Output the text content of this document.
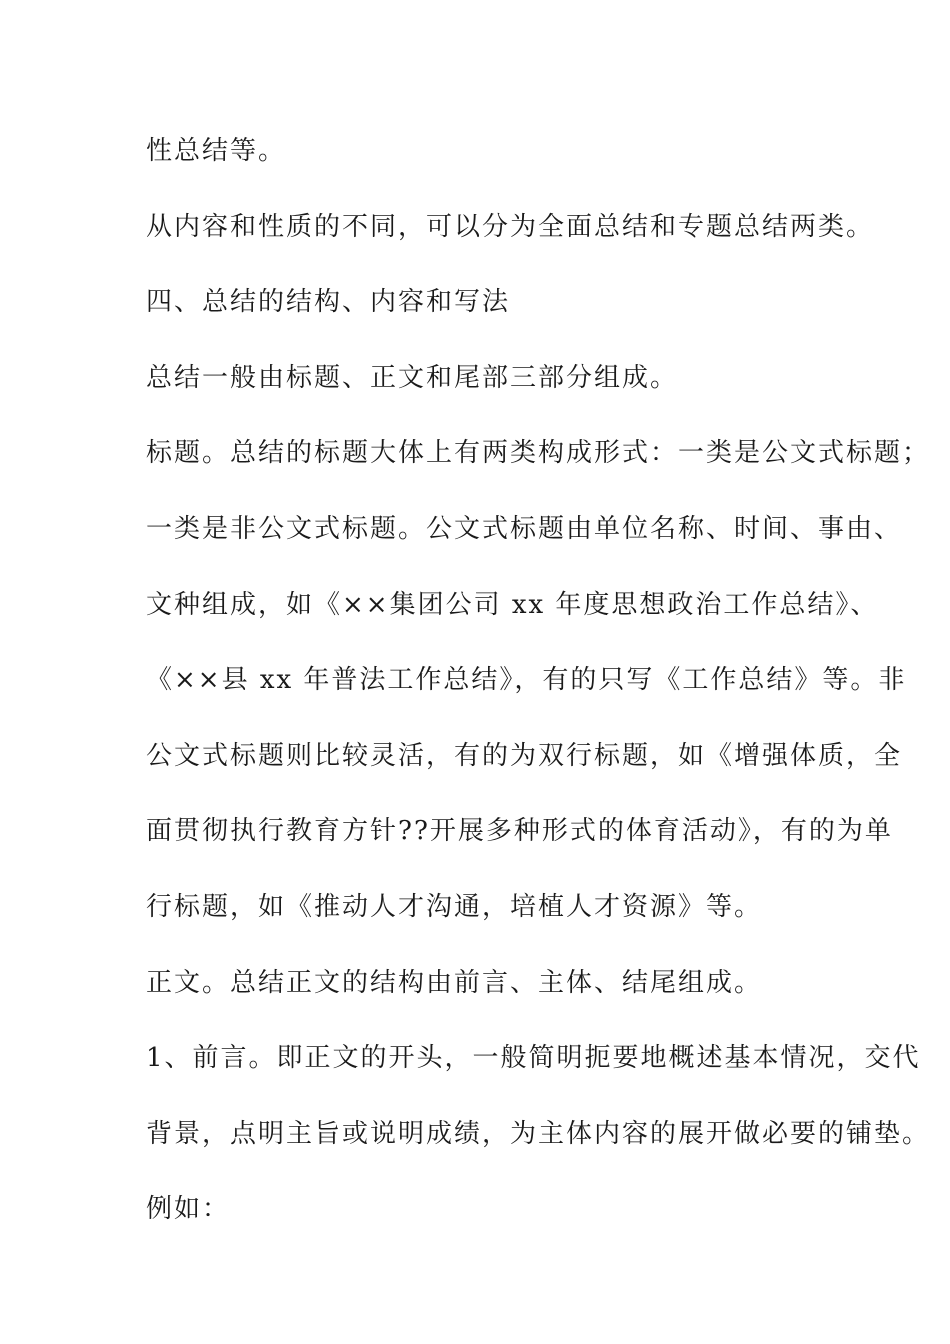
性总结等。
从内容和性质的不同，可以分为全面总结和专题总结两类。
四、总结的结构、内容和写法
总结一般由标题、正文和尾部三部分组成。
标题。总结的标题大体上有两类构成形式：一类是公文式标题；
一类是非公文式标题。公文式标题由单位名称、时间、事由、
文种组成，如《××集团公司 xx 年度思想政治工作总结》、
《××县 xx 年普法工作总结》，有的只写《工作总结》等。非
公文式标题则比较灵活，有的为双行标题，如《增强体质，全
面贯彻执行教育方针??开展多种形式的体育活动》，有的为单
行标题，如《推动人才沟通，培植人才资源》等。
正文。总结正文的结构由前言、主体、结尾组成。
1、前言。即正文的开头，一般简明扼要地概述基本情况，交代
背景，点明主旨或说明成绩，为主体内容的展开做必要的铺垫。
例如：
